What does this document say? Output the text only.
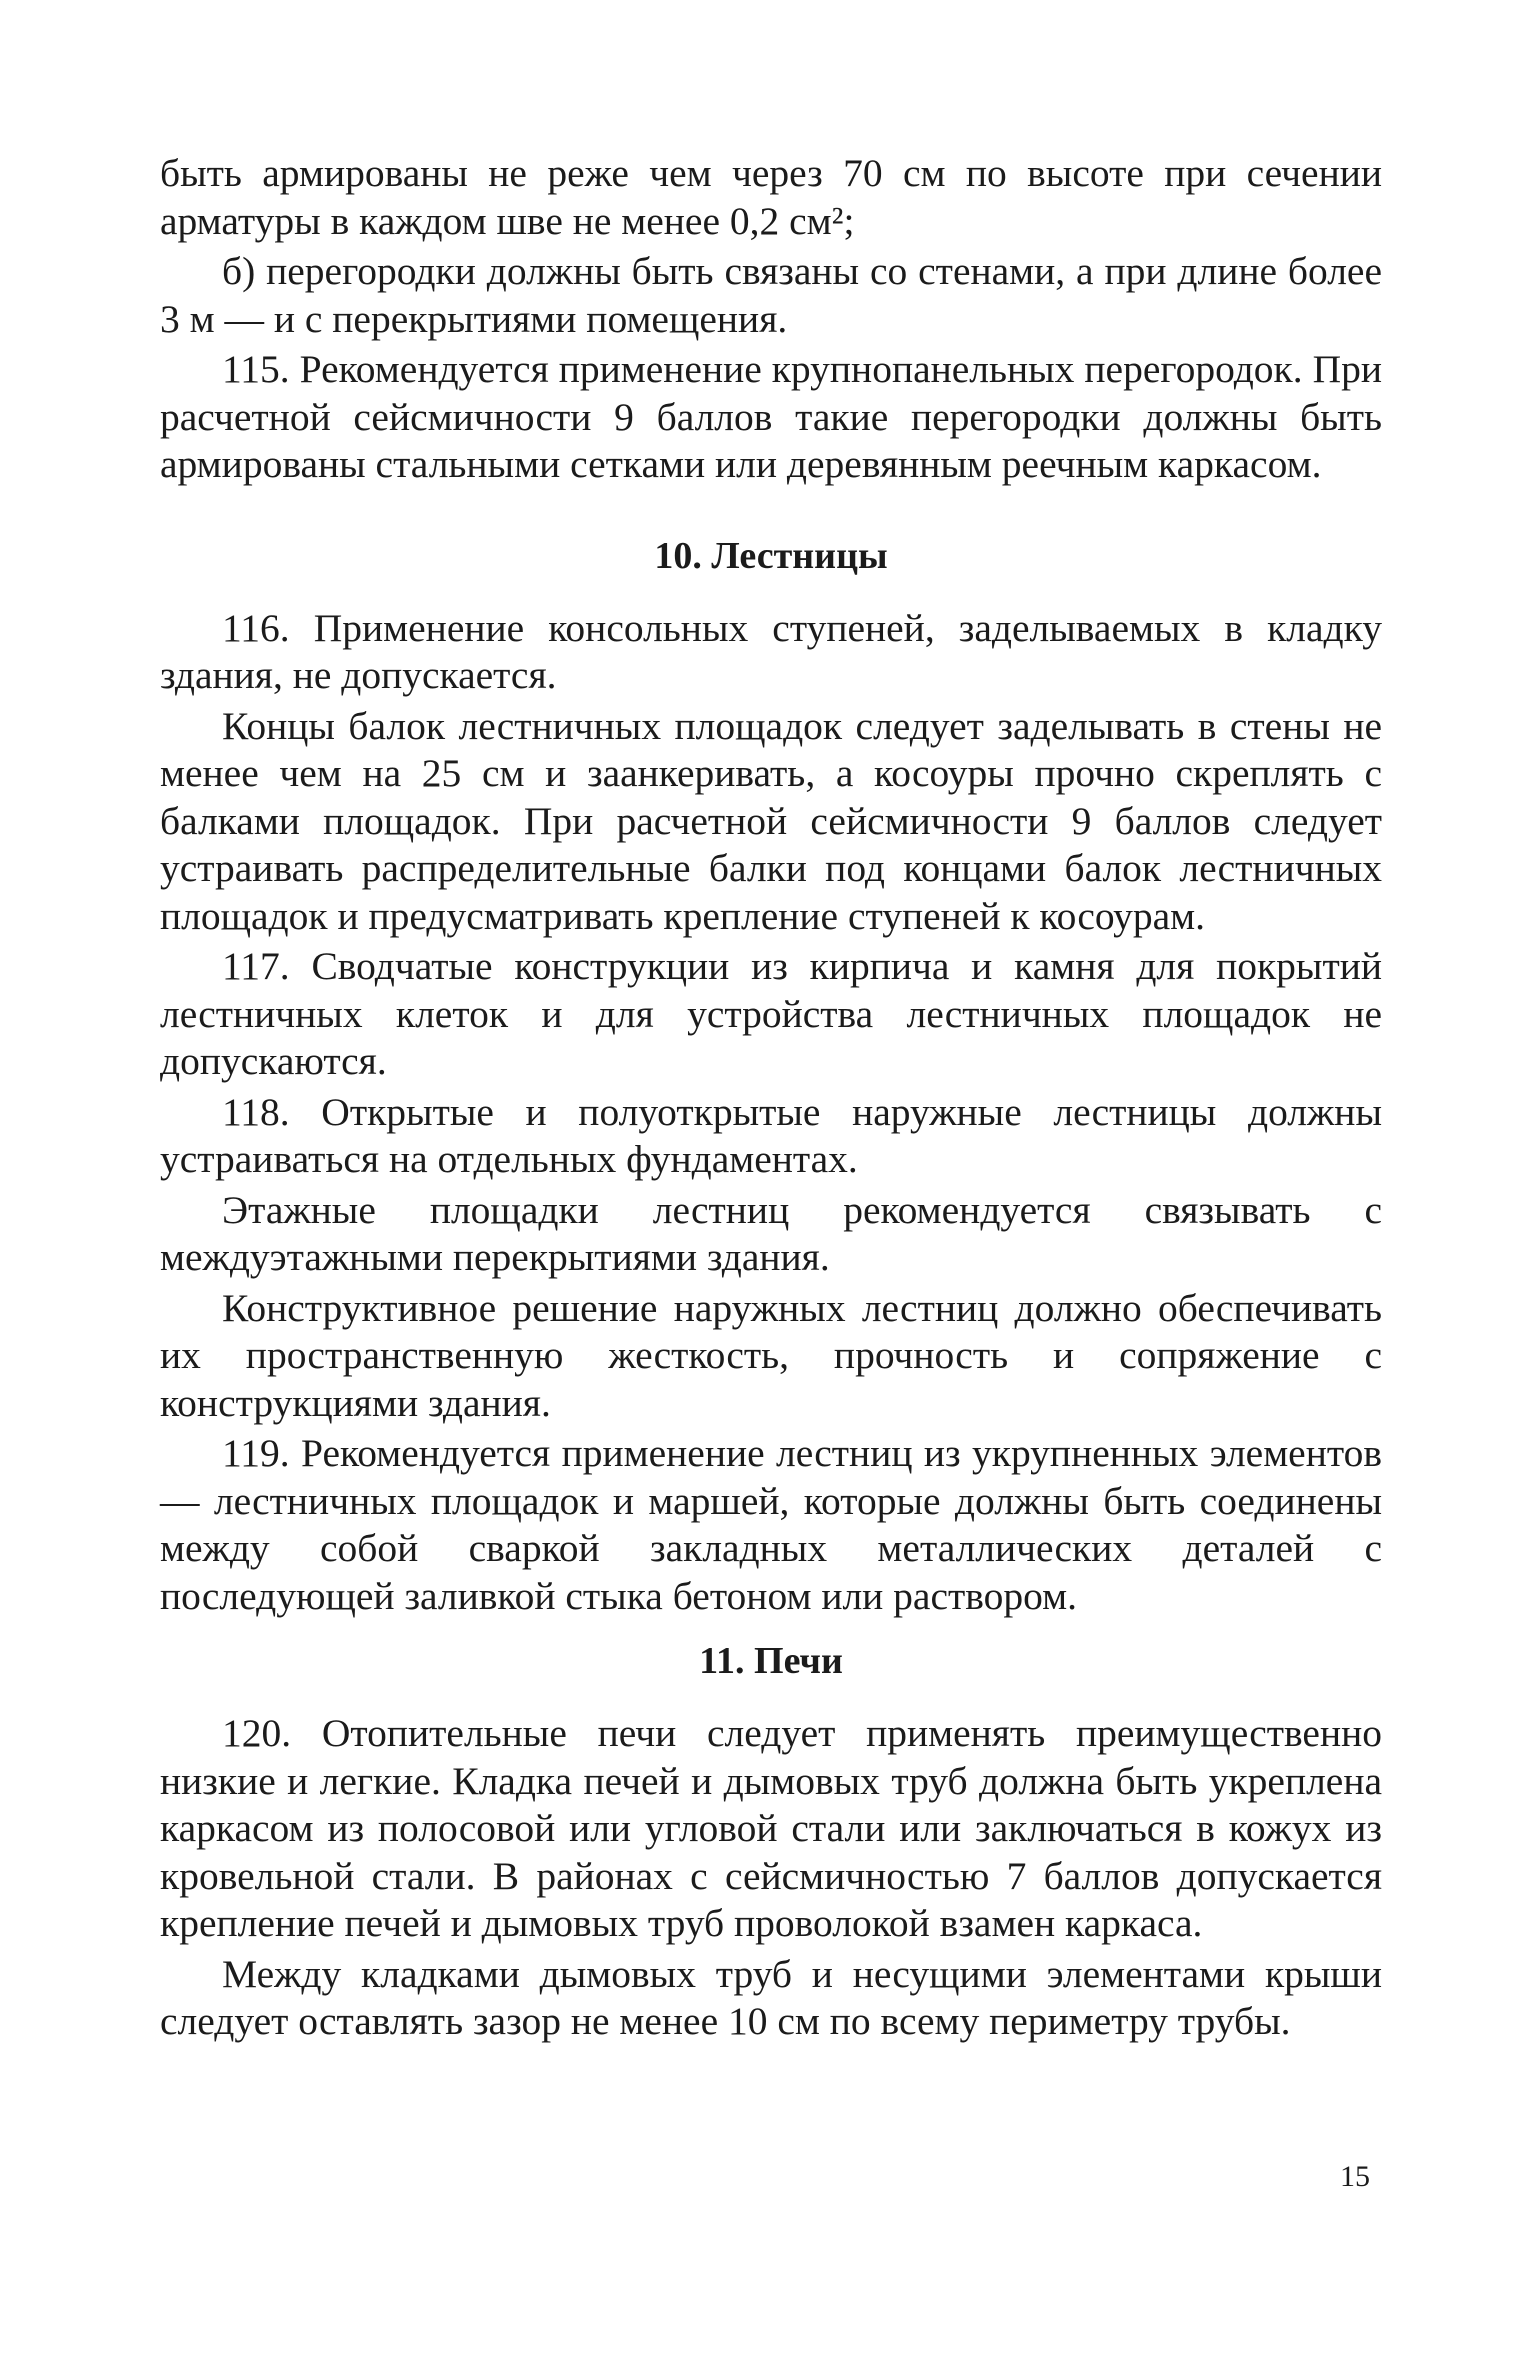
быть армированы не реже чем через 70 см по высоте при сечении арматуры в каждом шве не менее 0,2 см²;

б) перегородки должны быть связаны со стенами, а при длине более 3 м — и с перекрытиями помещения.

115. Рекомендуется применение крупнопанельных перегородок. При расчетной сейсмичности 9 баллов такие перегородки должны быть армированы стальными сетками или деревянным реечным каркасом.

10. Лестницы

116. Применение консольных ступеней, заделываемых в кладку здания, не допускается.

Концы балок лестничных площадок следует заделывать в стены не менее чем на 25 см и заанкеривать, а косоуры прочно скреплять с балками площадок. При расчетной сейсмичности 9 баллов следует устраивать распределительные балки под концами балок лестничных площадок и предусматривать крепление ступеней к косоурам.

117. Сводчатые конструкции из кирпича и камня для покрытий лестничных клеток и для устройства лестничных площадок не допускаются.

118. Открытые и полуоткрытые наружные лестницы должны устраиваться на отдельных фундаментах.

Этажные площадки лестниц рекомендуется связывать с междуэтажными перекрытиями здания.

Конструктивное решение наружных лестниц должно обеспечивать их пространственную жесткость, прочность и сопряжение с конструкциями здания.

119. Рекомендуется применение лестниц из укрупненных элементов — лестничных площадок и маршей, которые должны быть соединены между собой сваркой закладных металлических деталей с последующей заливкой стыка бетоном или раствором.

11. Печи

120. Отопительные печи следует применять преимущественно низкие и легкие. Кладка печей и дымовых труб должна быть укреплена каркасом из полосовой или угловой стали или заключаться в кожух из кровельной стали. В районах с сейсмичностью 7 баллов допускается крепление печей и дымовых труб проволокой взамен каркаса.

Между кладками дымовых труб и несущими элементами крыши следует оставлять зазор не менее 10 см по всему периметру трубы.

15
